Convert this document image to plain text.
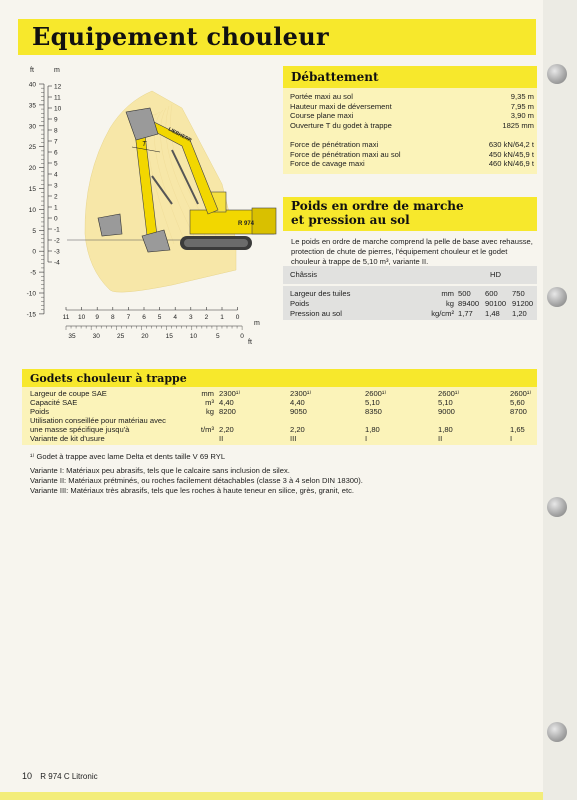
Equipement chouleur
ft	m
40
35
30
25
20
15
10
5
0
-5
-10
-15
12
11
10
9
8
7
6
5
4
3
2
1
0
-1
-2
-3
-4
R 974
LIEBHERR
T
11 10 9 8 7 6 5 4 3 2 1 0
35	30	25	20	15	10	5	0
m
ft
Débattement
Portée maxi au sol	9,35 m
Hauteur maxi de déversement	7,95 m
Course plane maxi	3,90 m
Ouverture T du godet à trappe	1825 mm
Force de pénétration maxi	630 kN/64,2 t
Force de pénétration maxi au sol	450 kN/45,9 t
Force de cavage maxi	460 kN/46,9 t
Poids en ordre de marche
et pression au sol
Le poids en ordre de marche comprend la pelle de base avec rehausse, protection de chute de pierres, l'équipement chouleur et le godet chouleur à trappe de 5,10 m³, variante II.
Châssis	HD
Largeur des tuiles	mm 500 600 750
Poids	kg 89400 90100 91200
Pression au sol	kg/cm² 1,77 1,48 1,20
Godets chouleur à trappe
Largeur de coupe SAE	mm 2300¹⁾	2300¹⁾	2600¹⁾	2600¹⁾	2600¹⁾
Capacité SAE	m³ 4,40	4,40	5,10	5,10	5,60
Poids	kg 8200	9050	8350	9000	8700
Utilisation conseillée pour matériau avec
une masse spécifique jusqu'à	t/m³ 2,20	2,20	1,80	1,80	1,65
Variante de kit d'usure	II	III	I	II	I
¹⁾ Godet à trappe avec lame Delta et dents taille V 69 RYL
Variante I: Matériaux peu abrasifs, tels que le calcaire sans inclusion de silex.
Variante II: Matériaux prétminés, ou roches facilement détachables (classe 3 à 4 selon DIN 18300).
Variante III: Matériaux très abrasifs, tels que les roches à haute teneur en silice, grès, granit, etc.
10 R 974 C Litronic
